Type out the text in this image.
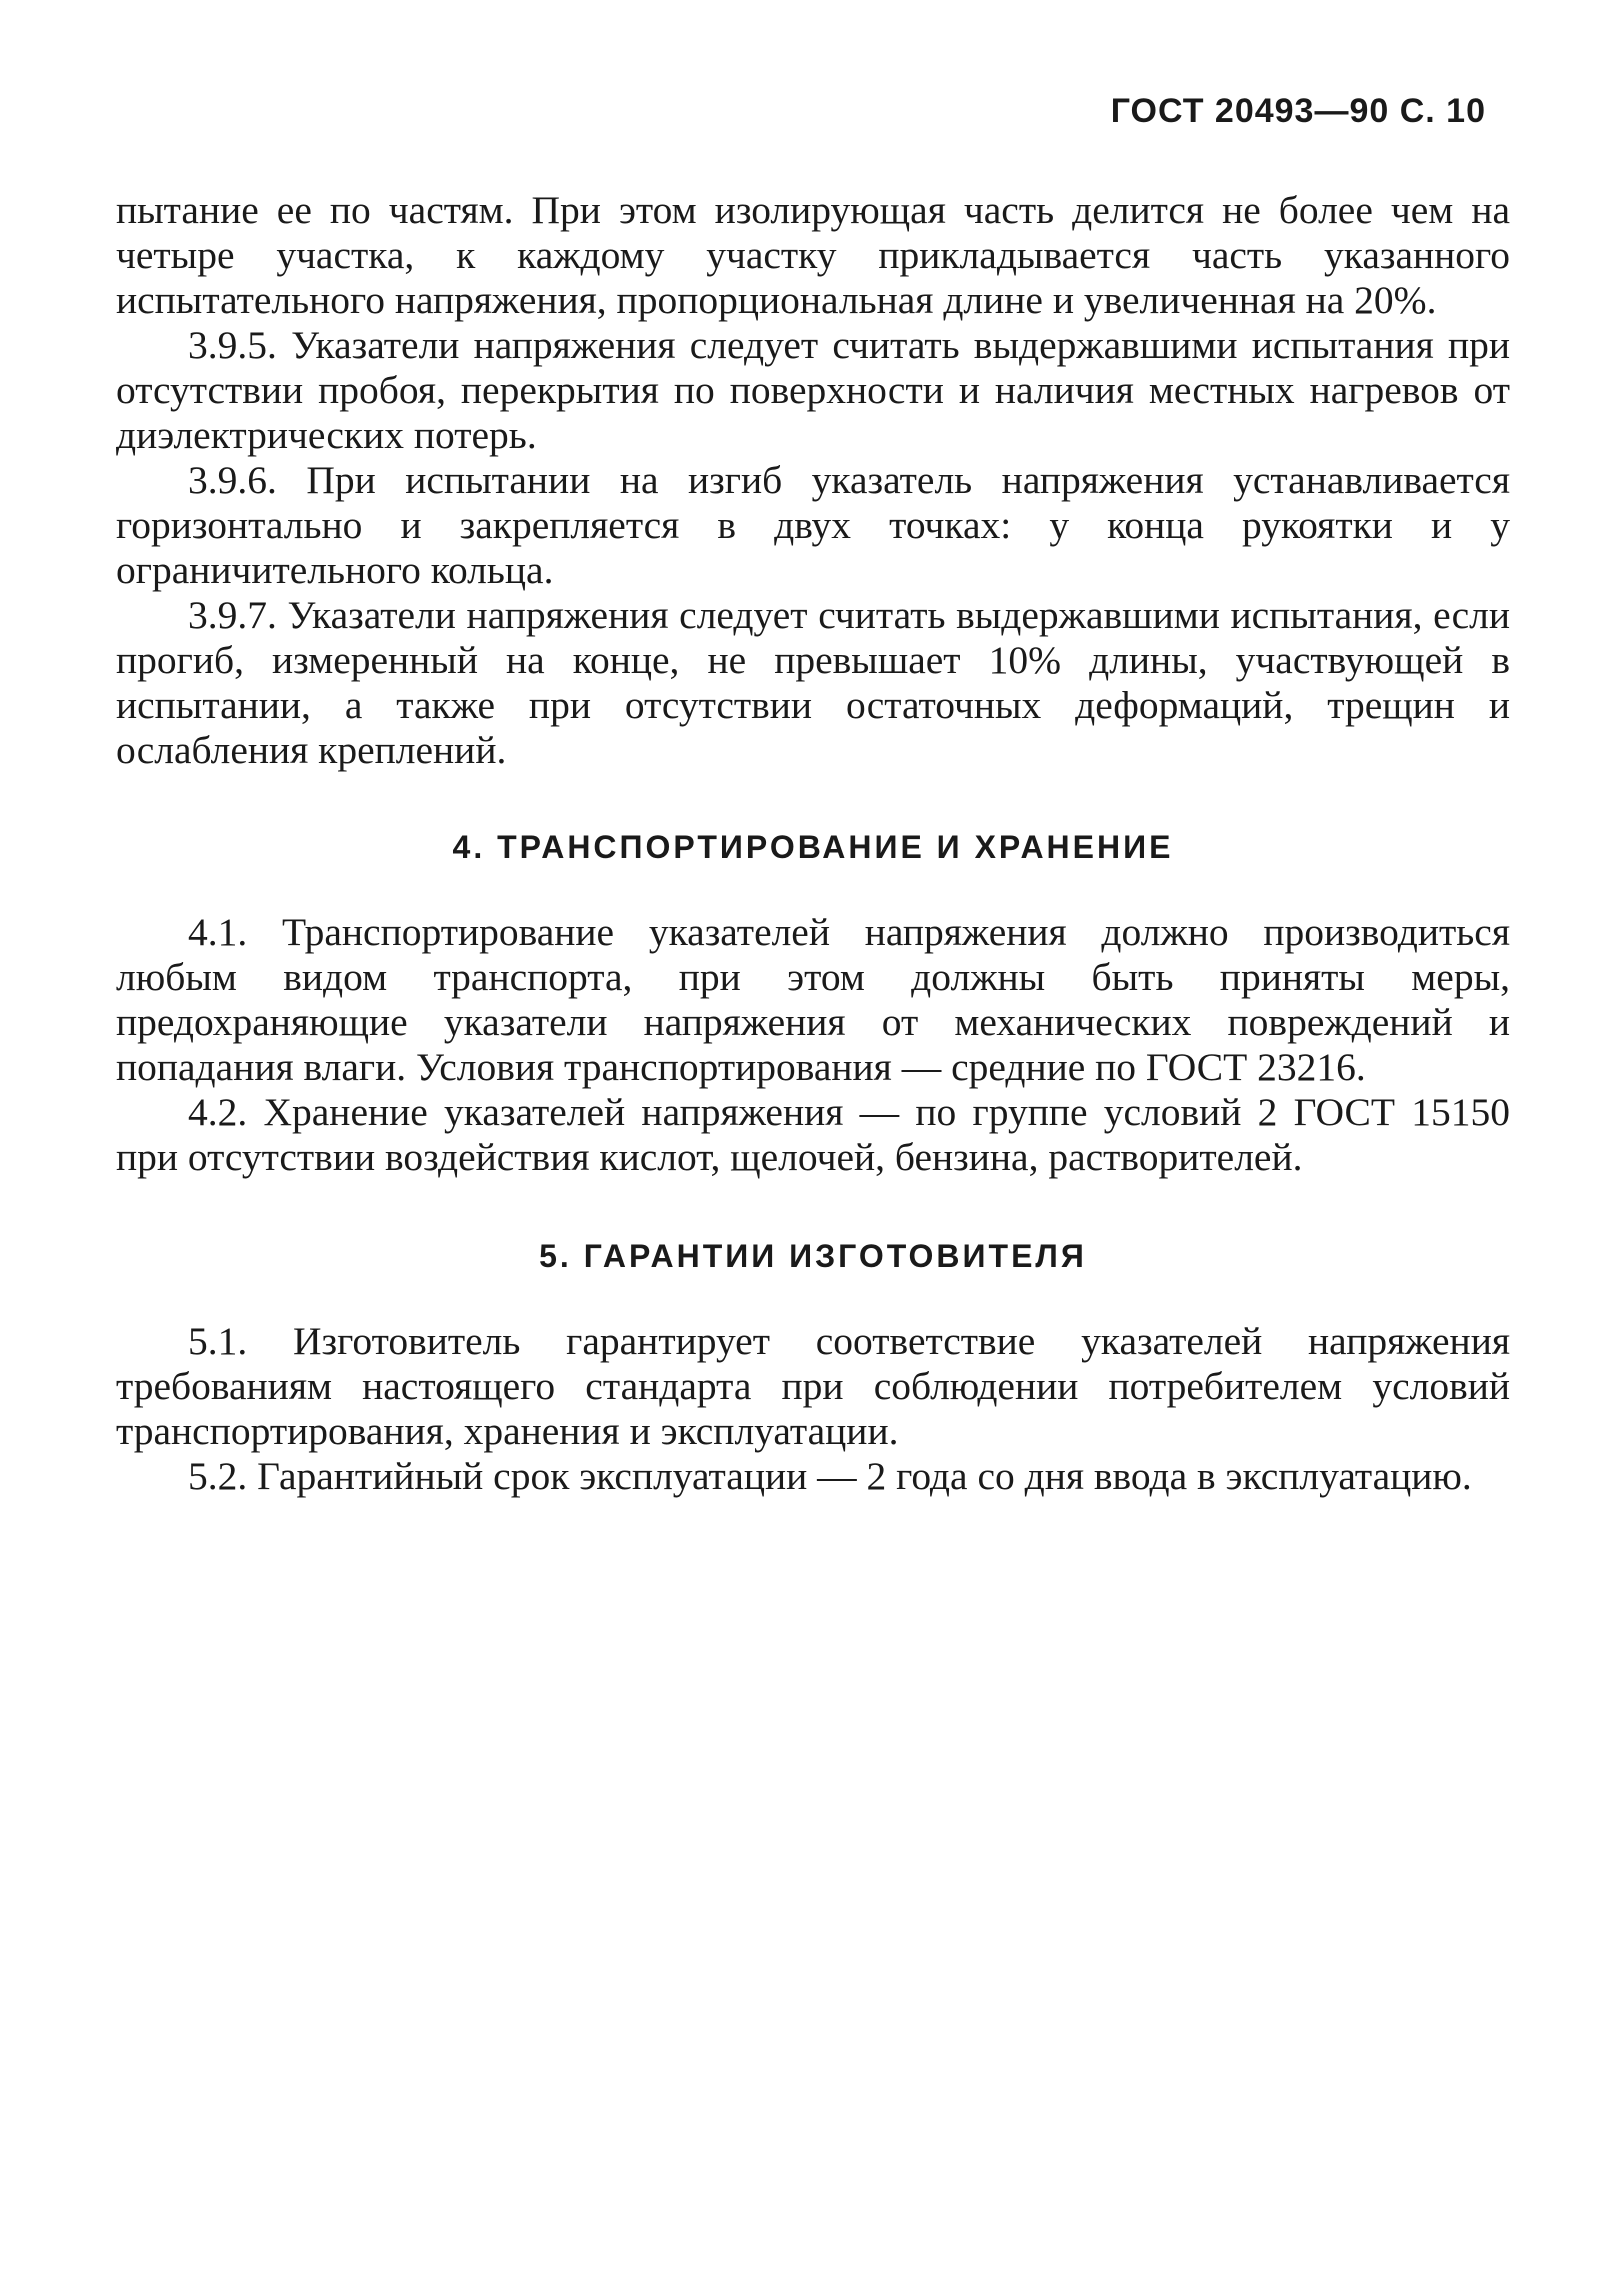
ГОСТ 20493—90 С. 10

пытание ее по частям. При этом изолирующая часть делится не более чем на четыре участка, к каждому участку прикладывается часть указанного испытательного напряжения, пропорциональная длине и увеличенная на 20%.

3.9.5. Указатели напряжения следует считать выдержавшими испытания при отсутствии пробоя, перекрытия по поверхности и наличия местных нагревов от диэлектрических потерь.

3.9.6. При испытании на изгиб указатель напряжения устанавливается горизонтально и закрепляется в двух точках: у конца рукоятки и у ограничительного кольца.

3.9.7. Указатели напряжения следует считать выдержавшими испытания, если прогиб, измеренный на конце, не превышает 10% длины, участвующей в испытании, а также при отсутствии остаточных деформаций, трещин и ослабления креплений.

4. ТРАНСПОРТИРОВАНИЕ И ХРАНЕНИЕ

4.1. Транспортирование указателей напряжения должно производиться любым видом транспорта, при этом должны быть приняты меры, предохраняющие указатели напряжения от механических повреждений и попадания влаги. Условия транспортирования — средние по ГОСТ 23216.

4.2. Хранение указателей напряжения — по группе условий 2 ГОСТ 15150 при отсутствии воздействия кислот, щелочей, бензина, растворителей.

5. ГАРАНТИИ ИЗГОТОВИТЕЛЯ

5.1. Изготовитель гарантирует соответствие указателей напряжения требованиям настоящего стандарта при соблюдении потребителем условий транспортирования, хранения и эксплуатации.

5.2. Гарантийный срок эксплуатации — 2 года со дня ввода в эксплуатацию.
